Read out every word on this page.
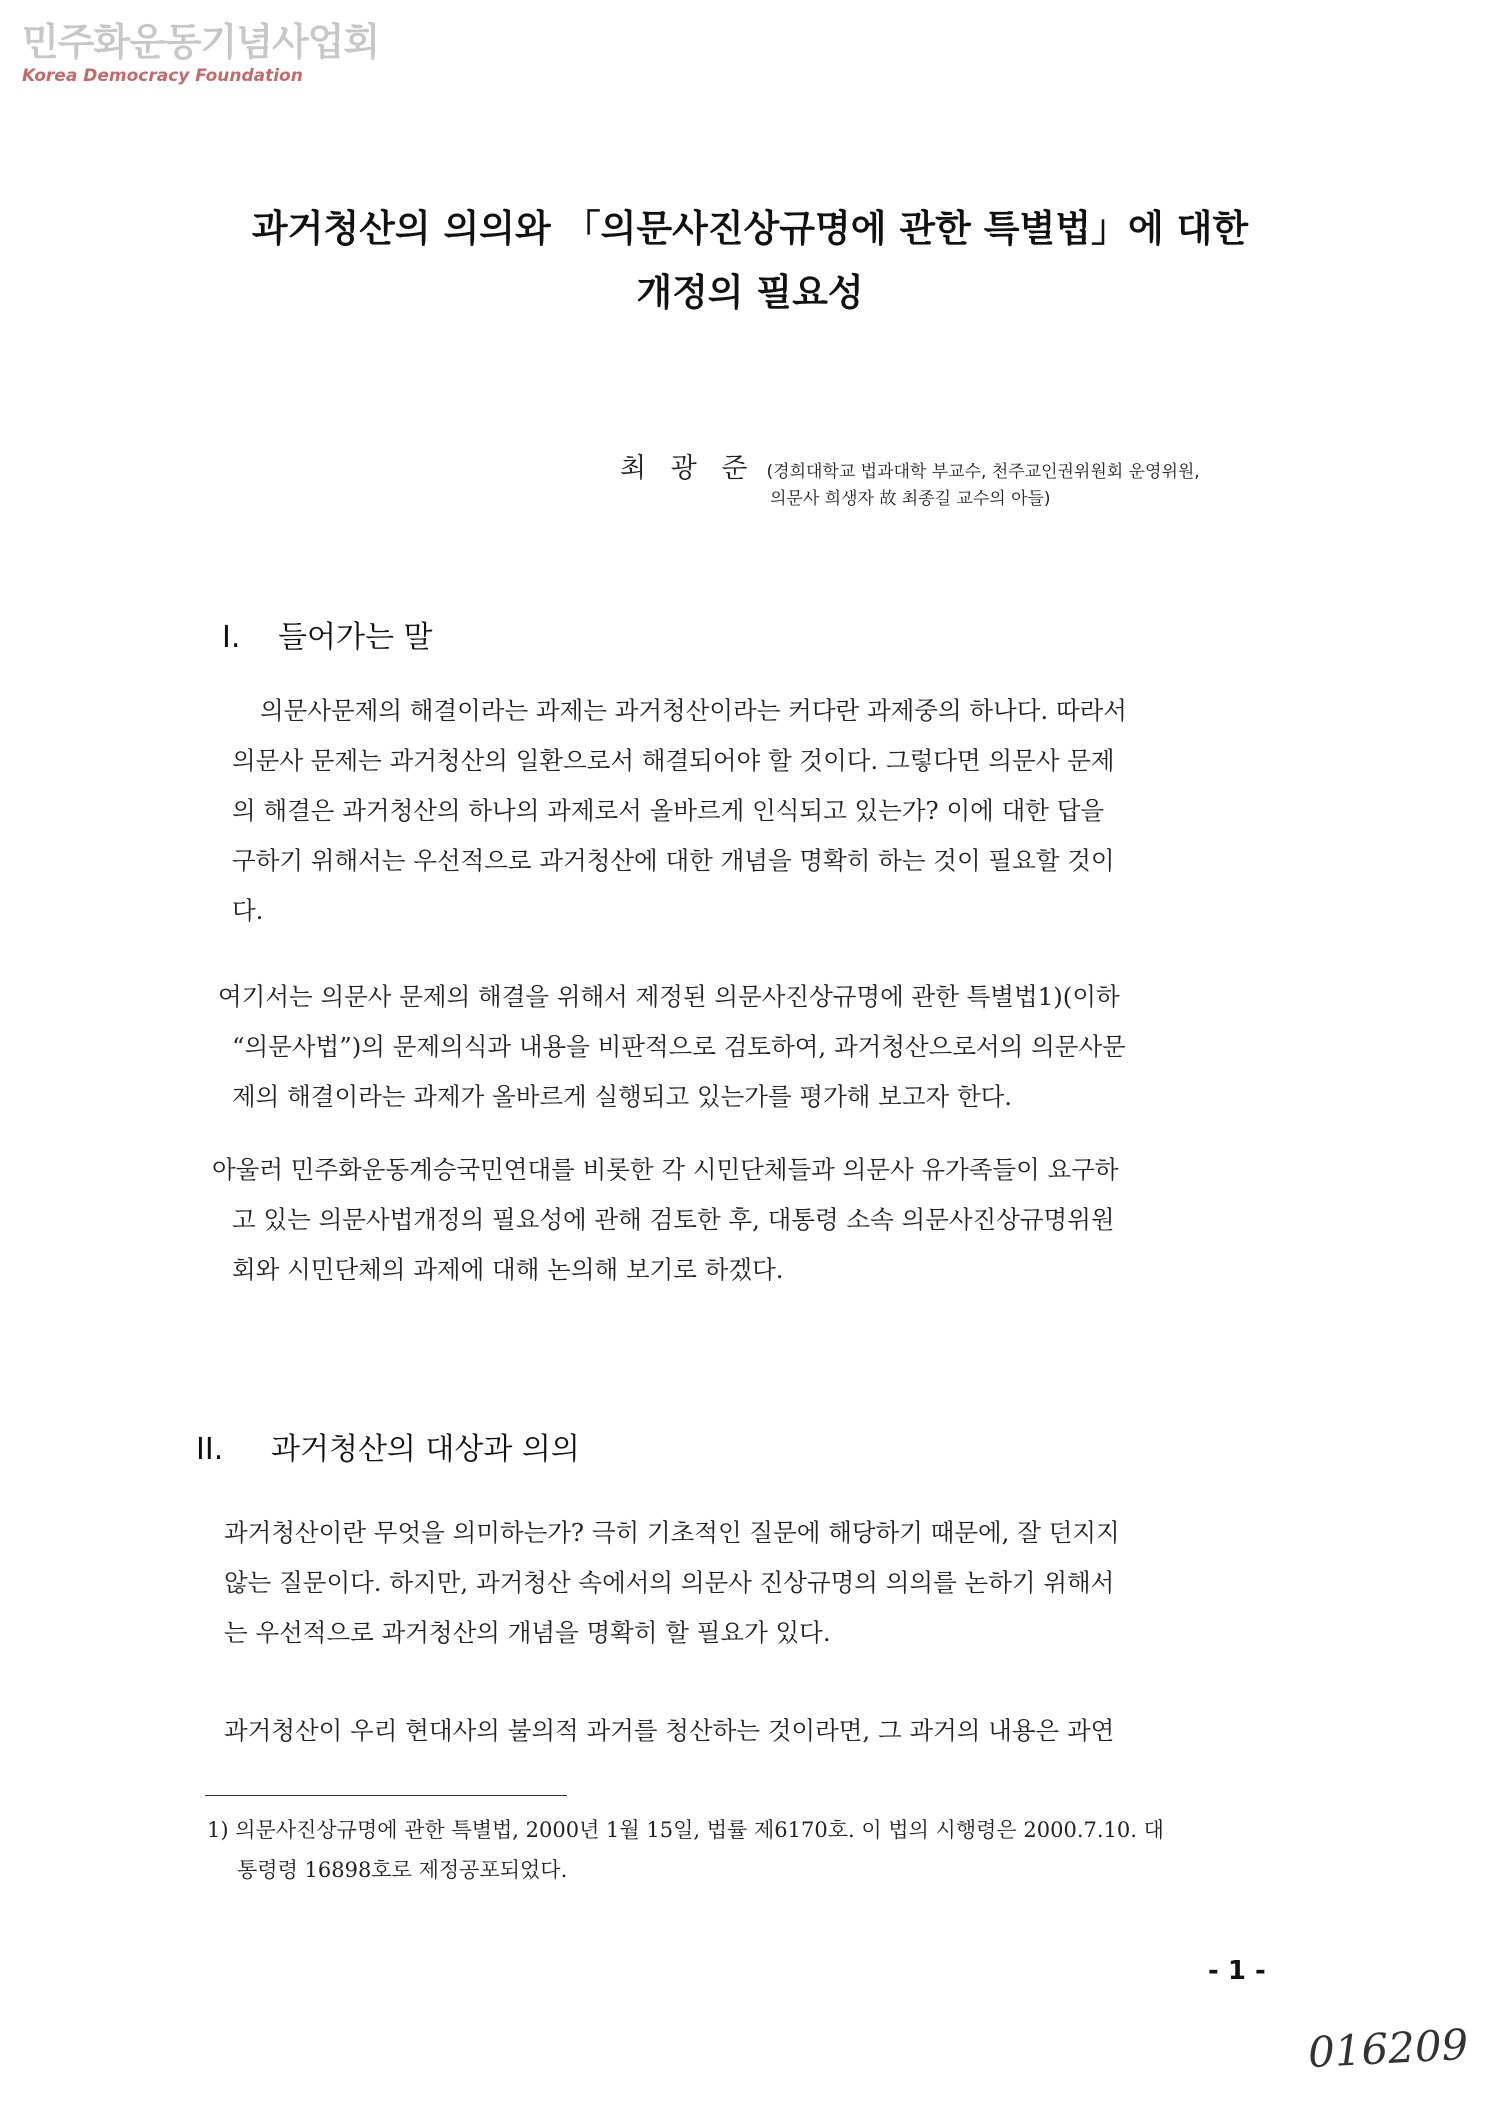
민주화운동기념사업회
Korea Democracy Foundation
과거청산의 의의와 「의문사진상규명에 관한 특별법」에 대한
개정의 필요성
최 광 준 (경희대학교 법과대학 부교수, 천주교인권위원회 운영위원,
의문사 희생자 故 최종길 교수의 아들)
I. 들어가는 말
의문사문제의 해결이라는 과제는 과거청산이라는 커다란 과제중의 하나다. 따라서
의문사 문제는 과거청산의 일환으로서 해결되어야 할 것이다. 그렇다면 의문사 문제
의 해결은 과거청산의 하나의 과제로서 올바르게 인식되고 있는가? 이에 대한 답을
구하기 위해서는 우선적으로 과거청산에 대한 개념을 명확히 하는 것이 필요할 것이
다.
여기서는 의문사 문제의 해결을 위해서 제정된 의문사진상규명에 관한 특별법1)(이하
“의문사법”)의 문제의식과 내용을 비판적으로 검토하여, 과거청산으로서의 의문사문
제의 해결이라는 과제가 올바르게 실행되고 있는가를 평가해 보고자 한다.
아울러 민주화운동계승국민연대를 비롯한 각 시민단체들과 의문사 유가족들이 요구하
고 있는 의문사법개정의 필요성에 관해 검토한 후, 대통령 소속 의문사진상규명위원
회와 시민단체의 과제에 대해 논의해 보기로 하겠다.
II. 과거청산의 대상과 의의
과거청산이란 무엇을 의미하는가? 극히 기초적인 질문에 해당하기 때문에, 잘 던지지
않는 질문이다. 하지만, 과거청산 속에서의 의문사 진상규명의 의의를 논하기 위해서
는 우선적으로 과거청산의 개념을 명확히 할 필요가 있다.
과거청산이 우리 현대사의 불의적 과거를 청산하는 것이라면, 그 과거의 내용은 과연
1) 의문사진상규명에 관한 특별법, 2000년 1월 15일, 법률 제6170호. 이 법의 시행령은 2000.7.10. 대
통령령 16898호로 제정공포되었다.
- 1 -
016209
